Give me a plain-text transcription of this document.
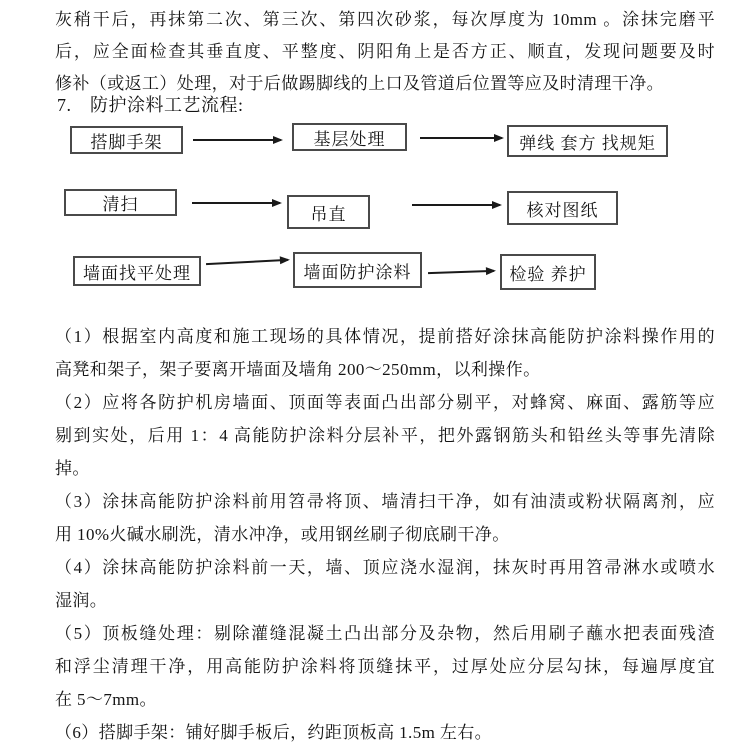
灰稍干后，再抹第二次、第三次、第四次砂浆，每次厚度为 10mm 。涂抹完磨平
后，应全面检查其垂直度、平整度、阴阳角上是否方正、顺直，发现问题要及时
修补（或返工）处理，对于后做踢脚线的上口及管道后位置等应及时清理干净。
7.　防护涂料工艺流程:
搭脚手架	基层处理	弹线 套方 找规矩
清扫	吊直	核对图纸
墙面找平处理	墙面防护涂料	检验 养护
（1）根据室内高度和施工现场的具体情况，提前搭好涂抹高能防护涂料操作用的
高凳和架子，架子要离开墙面及墙角 200～250mm，以利操作。
（2）应将各防护机房墙面、顶面等表面凸出部分剔平，对蜂窝、麻面、露筋等应
剔到实处，后用 1：4 高能防护涂料分层补平，把外露钢筋头和铅丝头等事先清除
掉。
（3）涂抹高能防护涂料前用笤帚将顶、墙清扫干净，如有油渍或粉状隔离剂，应
用 10%火碱水刷洗，清水冲净，或用钢丝刷子彻底刷干净。
（4）涂抹高能防护涂料前一天，墙、顶应浇水湿润，抹灰时再用笤帚淋水或喷水
湿润。
（5）顶板缝处理：剔除灌缝混凝土凸出部分及杂物，然后用刷子蘸水把表面残渣
和浮尘清理干净，用高能防护涂料将顶缝抹平，过厚处应分层勾抹，每遍厚度宜
在 5～7mm。
（6）搭脚手架：铺好脚手板后，约距顶板高 1.5m 左右。
